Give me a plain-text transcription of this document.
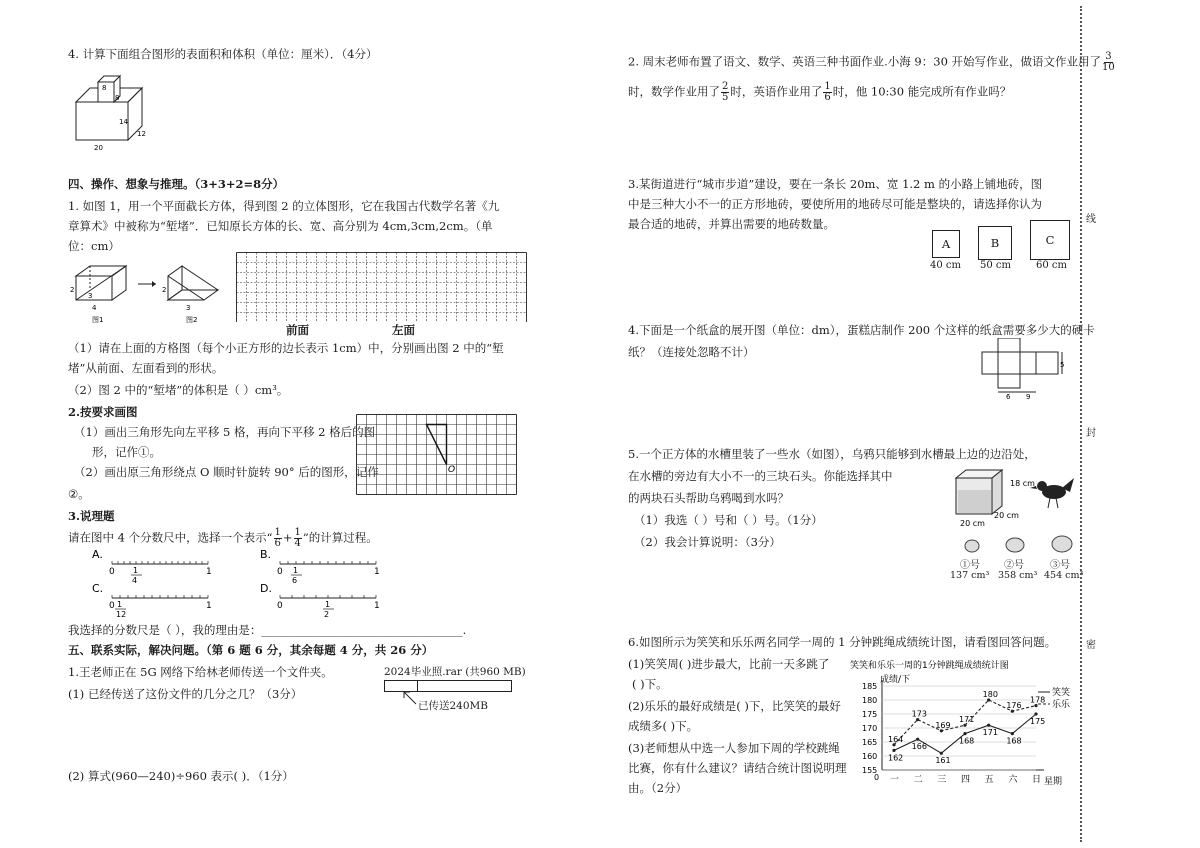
4. 计算下面组合图形的表面积和体积（单位：厘米）．（4分）
8
8
14
12
20
四、操作、想象与推理。（3+3+2=8分）
1. 如图 1，用一个平面截长方体，得到图 2 的立体图形，它在我国古代数学名著《九
章算术》中被称为“堑堵”．已知原长方体的长、宽、高分别为 4cm,3cm,2cm。（单
位：cm）
2
3
4
图1
2
3
图2
前面	左面
（1）请在上面的方格图（每个小正方形的边长表示 1cm）中，分别画出图 2 中的“堑
堵”从前面、左面看到的形状。
（2）图 2 中的“堑堵”的体积是（ ）cm³。
2.按要求画图
（1）画出三角形先向左平移 5 格，再向下平移 2 格后的图
形，记作①。
（2）画出原三角形绕点 O 顺时针旋转 90° 后的图形，记作
②。
O
3.说理题
请在图中 4 个分数尺中，选择一个表示“ $\frac{1}{6} + \frac{1}{4}$ ”的计算过程。
A.
0	1
1
4
B.
0	1
1
6
C.
0	1
1
12
D.
0	1
1
2
我选择的分数尺是（ ），我的理由是：___________________________________.
五、联系实际，解决问题。（第 6 题 6 分，其余每题 4 分，共 26 分）
1.王老师正在 5G 网络下给林老师传送一个文件夹。	2024毕业照.rar (共960 MB)
已传送240MB
(1) 已经传送了这份文件的几分之几？（3分）
(2) 算式(960—240)÷960 表示( )．（1分）
2. 周末老师布置了语文、数学、英语三种书面作业.小海 9：30 开始写作业，做语文作业用了 $\frac{3}{10}$
时，数学作业用了 $\frac{2}{5}$ 时，英语作业用了 $\frac{1}{6}$ 时，他 10:30 能完成所有作业吗？
3.某街道进行“城市步道”建设，要在一条长 20m、宽 1.2 m 的小路上铺地砖，图
中是三种大小不一的正方形地砖，要使所用的地砖尽可能是整块的，请选择你认为
最合适的地砖，并算出需要的地砖数量。
A	B	C
40 cm 50 cm	60 cm
4.下面是一个纸盒的展开图（单位：dm），蛋糕店制作 200 个这样的纸盒需要多少大的硬卡
纸？（连接处忽略不计）
5
6 9
5.一个正方体的水槽里装了一些水（如图），乌鸦只能够到水槽最上边的边沿处，
在水槽的旁边有大小不一的三块石头。你能选择其中
的两块石头帮助乌鸦喝到水吗？
（1）我选（ ）号和（ ）号。（1分）
（2）我会计算说明：（3分）
18 cm
20 cm
20 cm
①号 ②号	③号
137 cm³ 358 cm³ 454 cm³
6.如图所示为笑笑和乐乐两名同学一周的 1 分钟跳绳成绩统计图，请看图回答问题。
(1)笑笑周( )进步最大，比前一天多跳了
( )下。
(2)乐乐的最好成绩是( )下，比笑笑的最好
成绩多( )下。
(3)老师想从中选一人参加下周的学校跳绳
比赛，你有什么建议？请结合统计图说明理
由。（2分）
笑笑和乐乐一周的1分钟跳绳成绩统计图
成绩/下
星期
155
160
165
170
175
180
185
0 一 二 三 四 五 六 日
162
166
161
168
171
168
175
笑笑
164
173
169
171
180
176
178 乐乐
线
封
密
